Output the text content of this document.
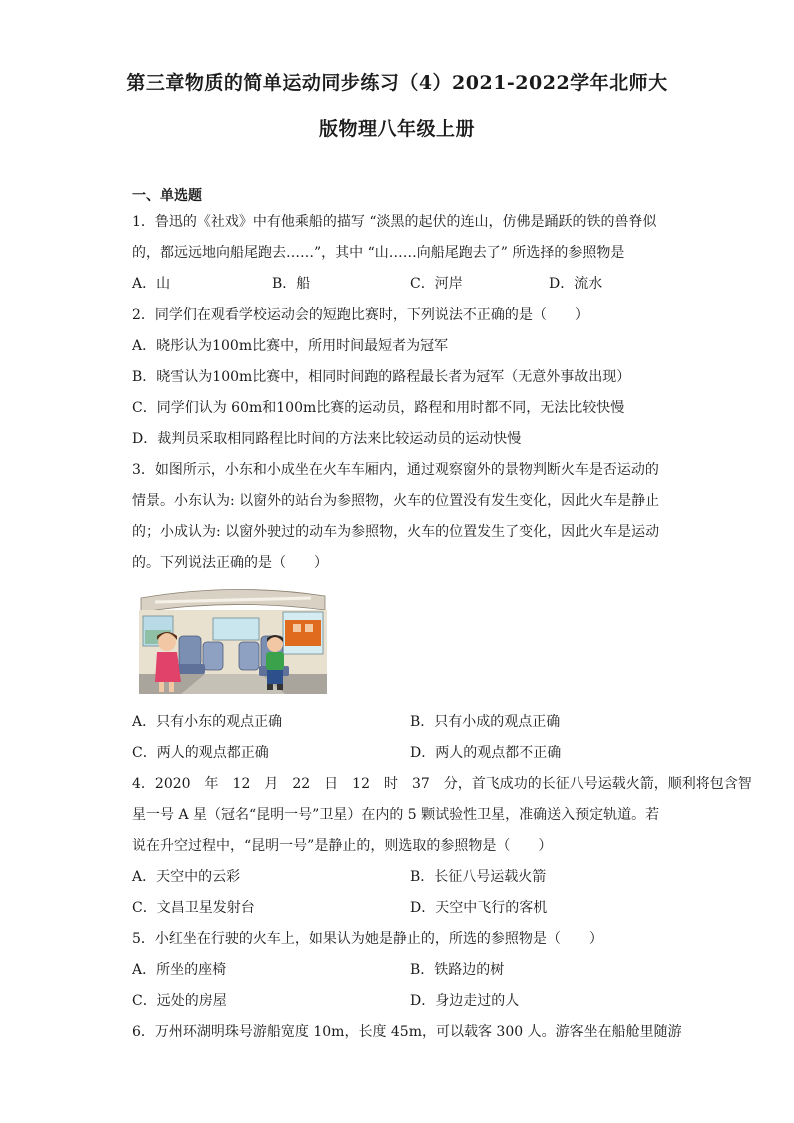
第三章物质的简单运动同步练习（4）2021-2022学年北师大
版物理八年级上册
一、单选题
1．鲁迅的《社戏》中有他乘船的描写 “淡黑的起伏的连山，仿佛是踊跃的铁的兽脊似
的，都远远地向船尾跑去……”，其中 “山……向船尾跑去了” 所选择的参照物是
A．山	B．船	C．河岸	D．流水
2．同学们在观看学校运动会的短跑比赛时，下列说法不正确的是（　　）
A．晓彤认为100m比赛中，所用时间最短者为冠军
B．晓雪认为100m比赛中，相同时间跑的路程最长者为冠军（无意外事故出现）
C．同学们认为 60m和100m比赛的运动员，路程和用时都不同，无法比较快慢
D．裁判员采取相同路程比时间的方法来比较运动员的运动快慢
3．如图所示，小东和小成坐在火车车厢内，通过观察窗外的景物判断火车是否运动的
情景。小东认为: 以窗外的站台为参照物，火车的位置没有发生变化，因此火车是静止
的；小成认为: 以窗外驶过的动车为参照物，火车的位置发生了变化，因此火车是运动
的。下列说法正确的是（　　）
A．只有小东的观点正确	B．只有小成的观点正确
C．两人的观点都正确	D．两人的观点都不正确
4．2020　年　12　月　22　日　12　时　37　分，首飞成功的长征八号运载火箭，顺利将包含智
星一号 A 星（冠名“昆明一号”卫星）在内的 5 颗试验性卫星，准确送入预定轨道。若
说在升空过程中，“昆明一号”是静止的，则选取的参照物是（　　）
A．天空中的云彩	B．长征八号运载火箭
C．文昌卫星发射台	D．天空中飞行的客机
5．小红坐在行驶的火车上，如果认为她是静止的，所选的参照物是（　　）
A．所坐的座椅	B．铁路边的树
C．远处的房屋	D．身边走过的人
6．万州环湖明珠号游船宽度 10m，长度 45m，可以载客 300 人。游客坐在船舱里随游
